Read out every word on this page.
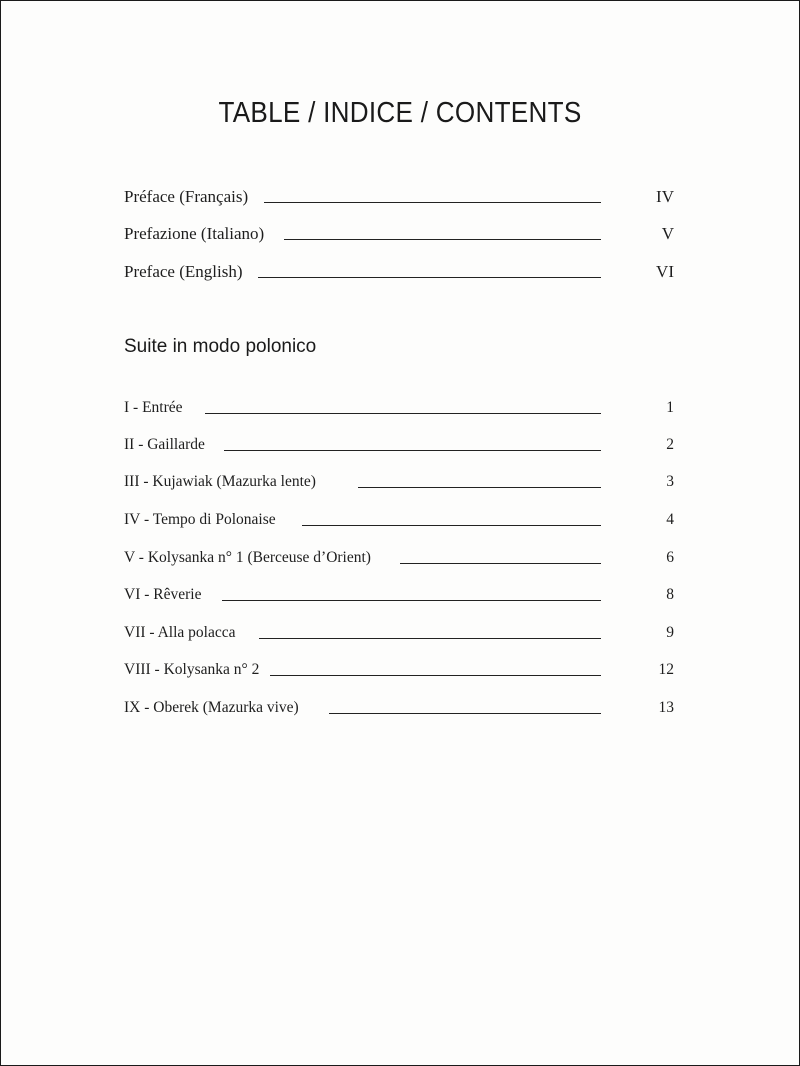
TABLE / INDICE / CONTENTS
Préface (Français)	IV
Prefazione (Italiano)	V
Preface (English)	VI
Suite in modo polonico
I - Entrée	1
II - Gaillarde	2
III - Kujawiak (Mazurka lente)	3
IV - Tempo di Polonaise	4
V - Kolysanka n° 1 (Berceuse d’Orient)	6
VI - Rêverie	8
VII - Alla polacca	9
VIII - Kolysanka n° 2	12
IX - Oberek (Mazurka vive)	13
